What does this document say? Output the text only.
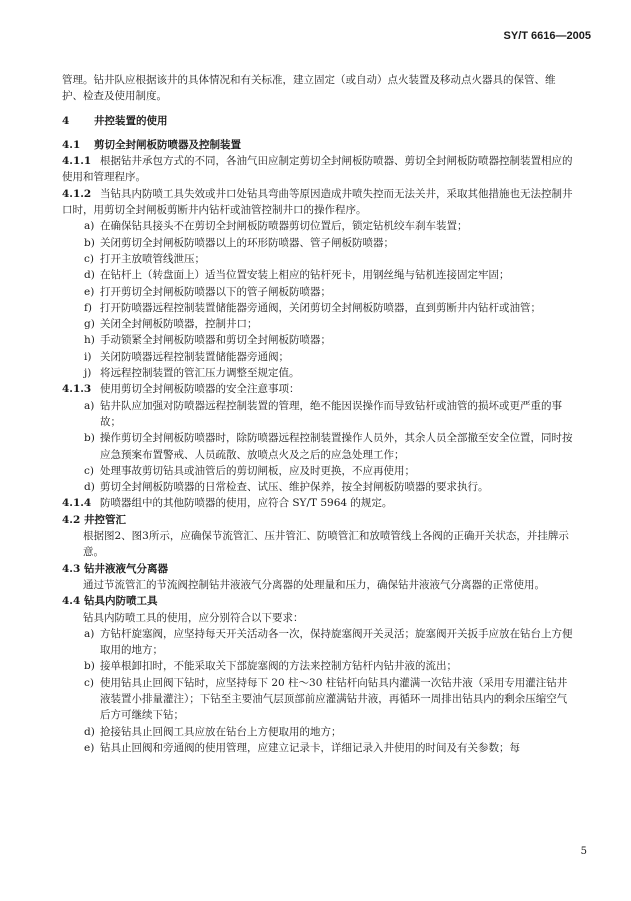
SY/T 6616—2005

管理。钻井队应根据该井的具体情况和有关标准，建立固定（或自动）点火装置及移动点火器具的保管、维护、检查及使用制度。

4 井控装置的使用

4.1 剪切全封闸板防喷器及控制装置

4.1.1 根据钻井承包方式的不同，各油气田应制定剪切全封闸板防喷器、剪切全封闸板防喷器控制装置相应的使用和管理程序。

4.1.2 当钻具内防喷工具失效或井口处钻具弯曲等原因造成井喷失控而无法关井，采取其他措施也无法控制井口时，用剪切全封闸板剪断井内钻杆或油管控制井口的操作程序。

a) 在确保钻具接头不在剪切全封闸板防喷器剪切位置后，锁定钻机绞车刹车装置；

b) 关闭剪切全封闸板防喷器以上的环形防喷器、管子闸板防喷器；

c) 打开主放喷管线泄压；

d) 在钻杆上（转盘面上）适当位置安装上相应的钻杆死卡，用钢丝绳与钻机连接固定牢固；

e) 打开剪切全封闸板防喷器以下的管子闸板防喷器；

f) 打开防喷器远程控制装置储能器旁通阀，关闭剪切全封闸板防喷器，直到剪断井内钻杆或油管；

g) 关闭全封闸板防喷器，控制井口；

h) 手动锁紧全封闸板防喷器和剪切全封闸板防喷器；

i) 关闭防喷器远程控制装置储能器旁通阀；

j) 将远程控制装置的管汇压力调整至规定值。

4.1.3 使用剪切全封闸板防喷器的安全注意事项：

a) 钻井队应加强对防喷器远程控制装置的管理，绝不能因误操作而导致钻杆或油管的损坏或更严重的事故；

b) 操作剪切全封闸板防喷器时，除防喷器远程控制装置操作人员外，其余人员全部撤至安全位置，同时按应急预案布置警戒、人员疏散、放喷点火及之后的应急处理工作；

c) 处理事故剪切钻具或油管后的剪切闸板，应及时更换，不应再使用；

d) 剪切全封闸板防喷器的日常检查、试压、维护保养，按全封闸板防喷器的要求执行。

4.1.4 防喷器组中的其他防喷器的使用，应符合 SY/T 5964 的规定。

4.2 井控管汇

根据图2、图3所示，应确保节流管汇、压井管汇、防喷管汇和放喷管线上各阀的正确开关状态，并挂牌示意。

4.3 钻井液液气分离器

通过节流管汇的节流阀控制钻井液液气分离器的处理量和压力，确保钻井液液气分离器的正常使用。

4.4 钻具内防喷工具

钻具内防喷工具的使用，应分别符合以下要求：

a) 方钻杆旋塞阀，应坚持每天开关活动各一次，保持旋塞阀开关灵活；旋塞阀开关扳手应放在钻台上方便取用的地方；

b) 接单根卸扣时，不能采取关下部旋塞阀的方法来控制方钻杆内钻井液的流出；

c) 使用钻具止回阀下钻时，应坚持每下 20 柱～30 柱钻杆向钻具内灌满一次钻井液（采用专用灌注钻井液装置小排量灌注）；下钻至主要油气层顶部前应灌满钻井液，再循环一周排出钻具内的剩余压缩空气后方可继续下钻；

d) 抢接钻具止回阀工具应放在钻台上方便取用的地方；

e) 钻具止回阀和旁通阀的使用管理，应建立记录卡，详细记录入井使用的时间及有关参数；每

5
